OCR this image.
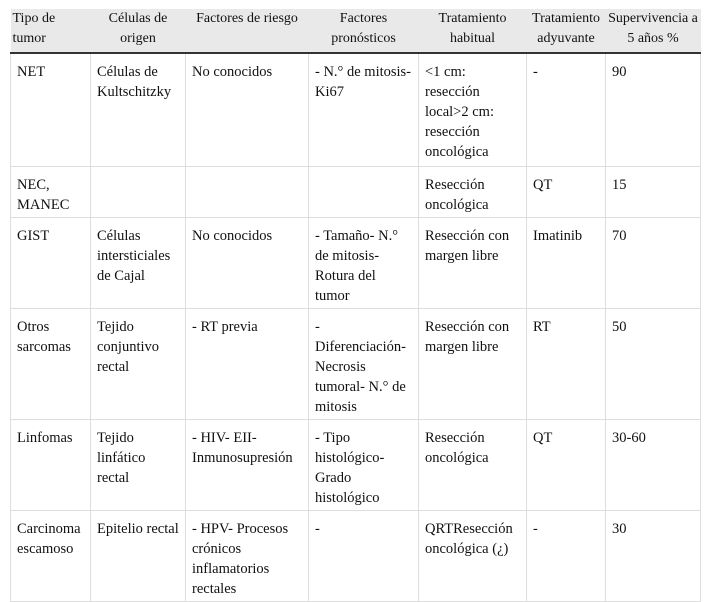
Tipo de tumor	Células de origen	Factores de riesgo	Factores pronósticos	Tratamiento habitual	Tratamiento adyuvante	Supervivencia a 5 años %
NET	Células de Kultschitzky	No conocidos	- N.° de mitosis- Ki67	<1 cm: resección local>2 cm: resección oncológica	-	90
NEC, MANEC				Resección oncológica	QT	15
GIST	Células intersticiales de Cajal	No conocidos	- Tamaño- N.° de mitosis- Rotura del tumor	Resección con margen libre	Imatinib	70
Otros sarcomas	Tejido conjuntivo rectal	- RT previa	- Diferenciación- Necrosis tumoral- N.° de mitosis	Resección con margen libre	RT	50
Linfomas	Tejido linfático rectal	- HIV- EII- Inmunosupresión	- Tipo histológico- Grado histológico	Resección oncológica	QT	30-60
Carcinoma escamoso	Epitelio rectal	- HPV- Procesos crónicos inflamatorios rectales	-	QRTResección oncológica (¿)	-	30
